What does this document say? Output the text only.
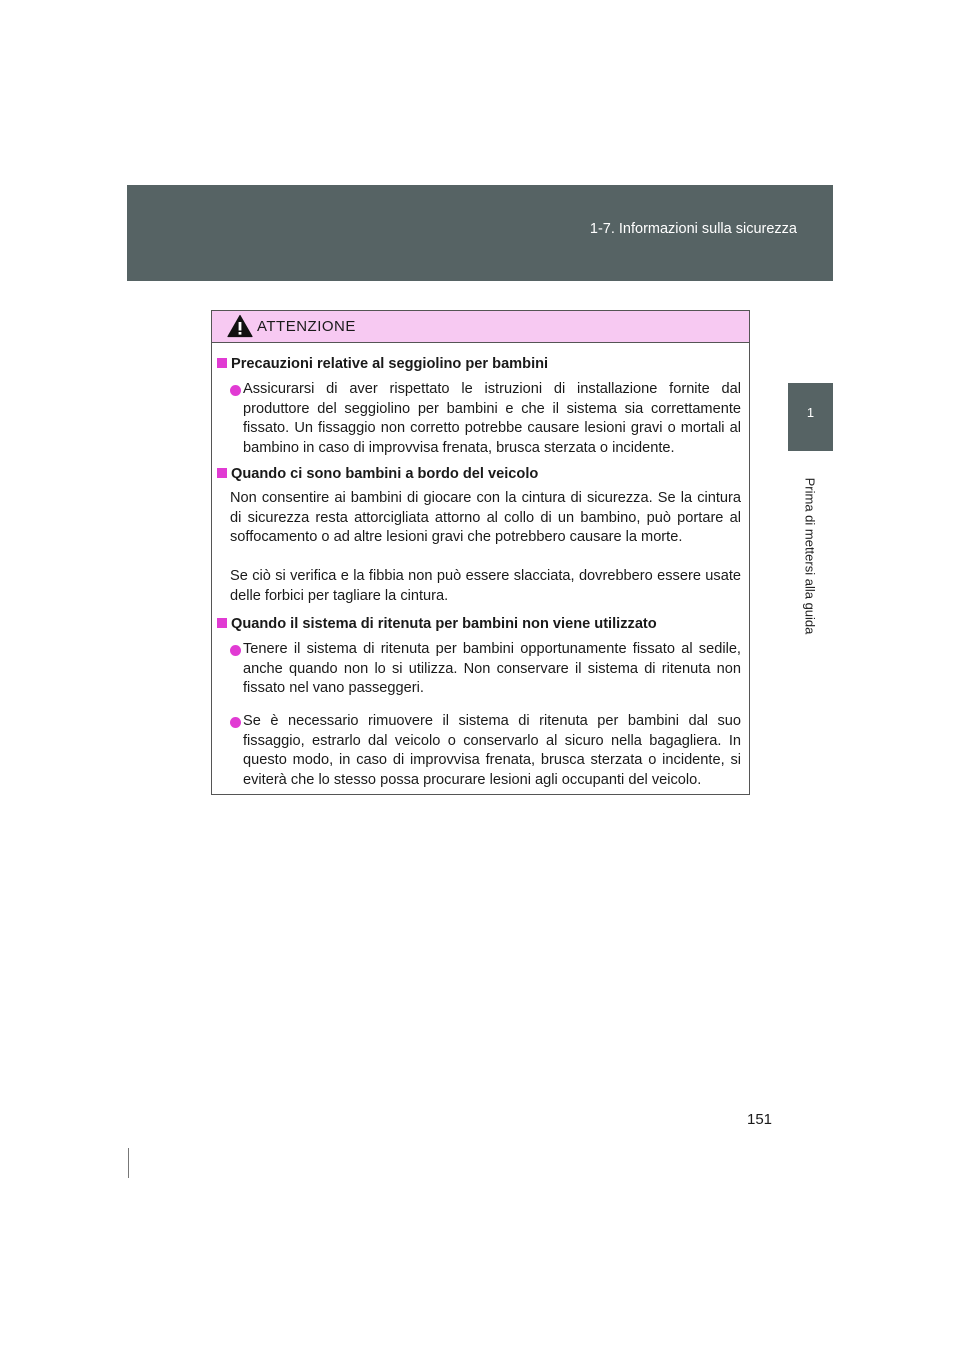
1-7. Informazioni sulla sicurezza
1
Prima di mettersi alla guida
ATTENZIONE
Precauzioni relative al seggiolino per bambini
Assicurarsi di aver rispettato le istruzioni di installazione fornite dal produttore del seggiolino per bambini e che il sistema sia correttamente fissato. Un fissaggio non corretto potrebbe causare lesioni gravi o mortali al bambino in caso di improvvisa frenata, brusca sterzata o incidente.
Quando ci sono bambini a bordo del veicolo
Non consentire ai bambini di giocare con la cintura di sicurezza. Se la cintura di sicurezza resta attorcigliata attorno al collo di un bambino, può portare al soffocamento o ad altre lesioni gravi che potrebbero causare la morte.
Se ciò si verifica e la fibbia non può essere slacciata, dovrebbero essere usate delle forbici per tagliare la cintura.
Quando il sistema di ritenuta per bambini non viene utilizzato
Tenere il sistema di ritenuta per bambini opportunamente fissato al sedile, anche quando non lo si utilizza. Non conservare il sistema di ritenuta non fissato nel vano passeggeri.
Se è necessario rimuovere il sistema di ritenuta per bambini dal suo fissaggio, estrarlo dal veicolo o conservarlo al sicuro nella bagagliera. In questo modo, in caso di improvvisa frenata, brusca sterzata o incidente, si eviterà che lo stesso possa procurare lesioni agli occupanti del veicolo.
151
